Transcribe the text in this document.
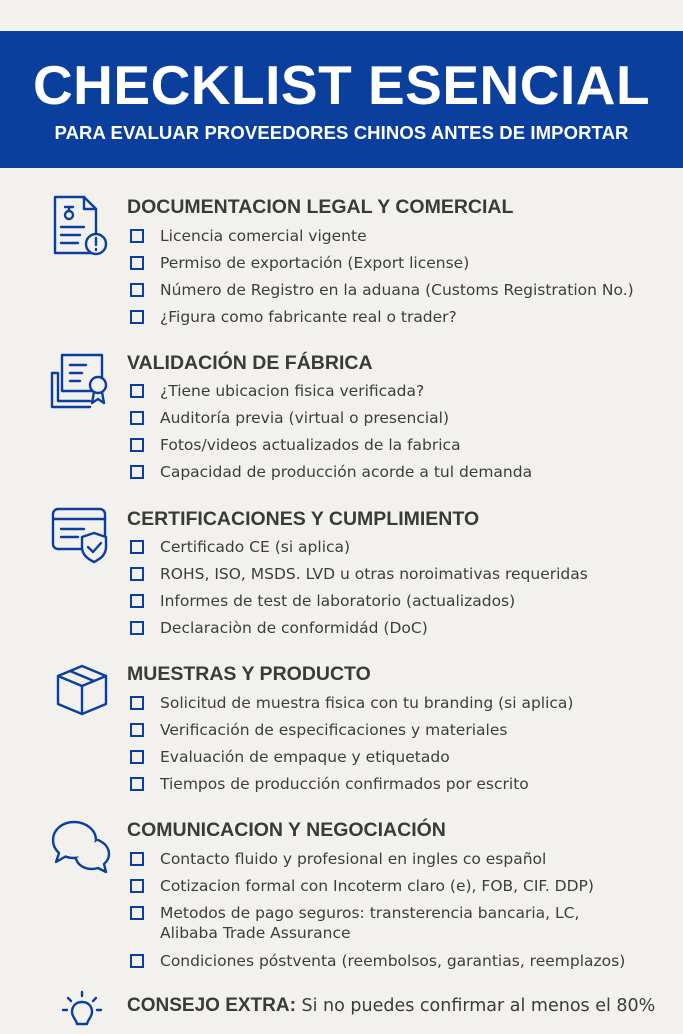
CHECKLIST ESENCIAL
PARA EVALUAR PROVEEDORES CHINOS ANTES DE IMPORTAR
DOCUMENTACION LEGAL Y COMERCIAL
Licencia comercial vigente
Permiso de exportación (Export license)
Número de Registro en la aduana (Customs Registration No.)
¿Figura como fabricante real o trader?
VALIDACIÓN DE FÁBRICA
¿Tiene ubicacion fisica verificada?
Auditoría previa (virtual o presencial)
Fotos/videos actualizados de la fabrica
Capacidad de producción acorde a tul demanda
CERTIFICACIONES Y CUMPLIMIENTO
Certificado CE (si aplica)
ROHS, ISO, MSDS. LVD u otras noroimativas requeridas
Informes de test de laboratorio (actualizados)
Declaraciòn de conformidád (DoC)
MUESTRAS Y PRODUCTO
Solicitud de muestra fisica con tu branding (si aplica)
Verificación de especificaciones y materiales
Evaluación de empaque y etiquetado
Tiempos de producción confirmados por escrito
COMUNICACION Y NEGOCIACIÓN
Contacto fluido y profesional en ingles co español
Cotizacion formal con Incoterm claro (e), FOB, CIF. DDP)
Metodos de pago seguros: transterencia bancaria, LC,
Alibaba Trade Assurance
Condiciones póstventa (reembolsos, garantias, reemplazos)
CONSEJO EXTRA: Si no puedes confirmar al menos el 80%
